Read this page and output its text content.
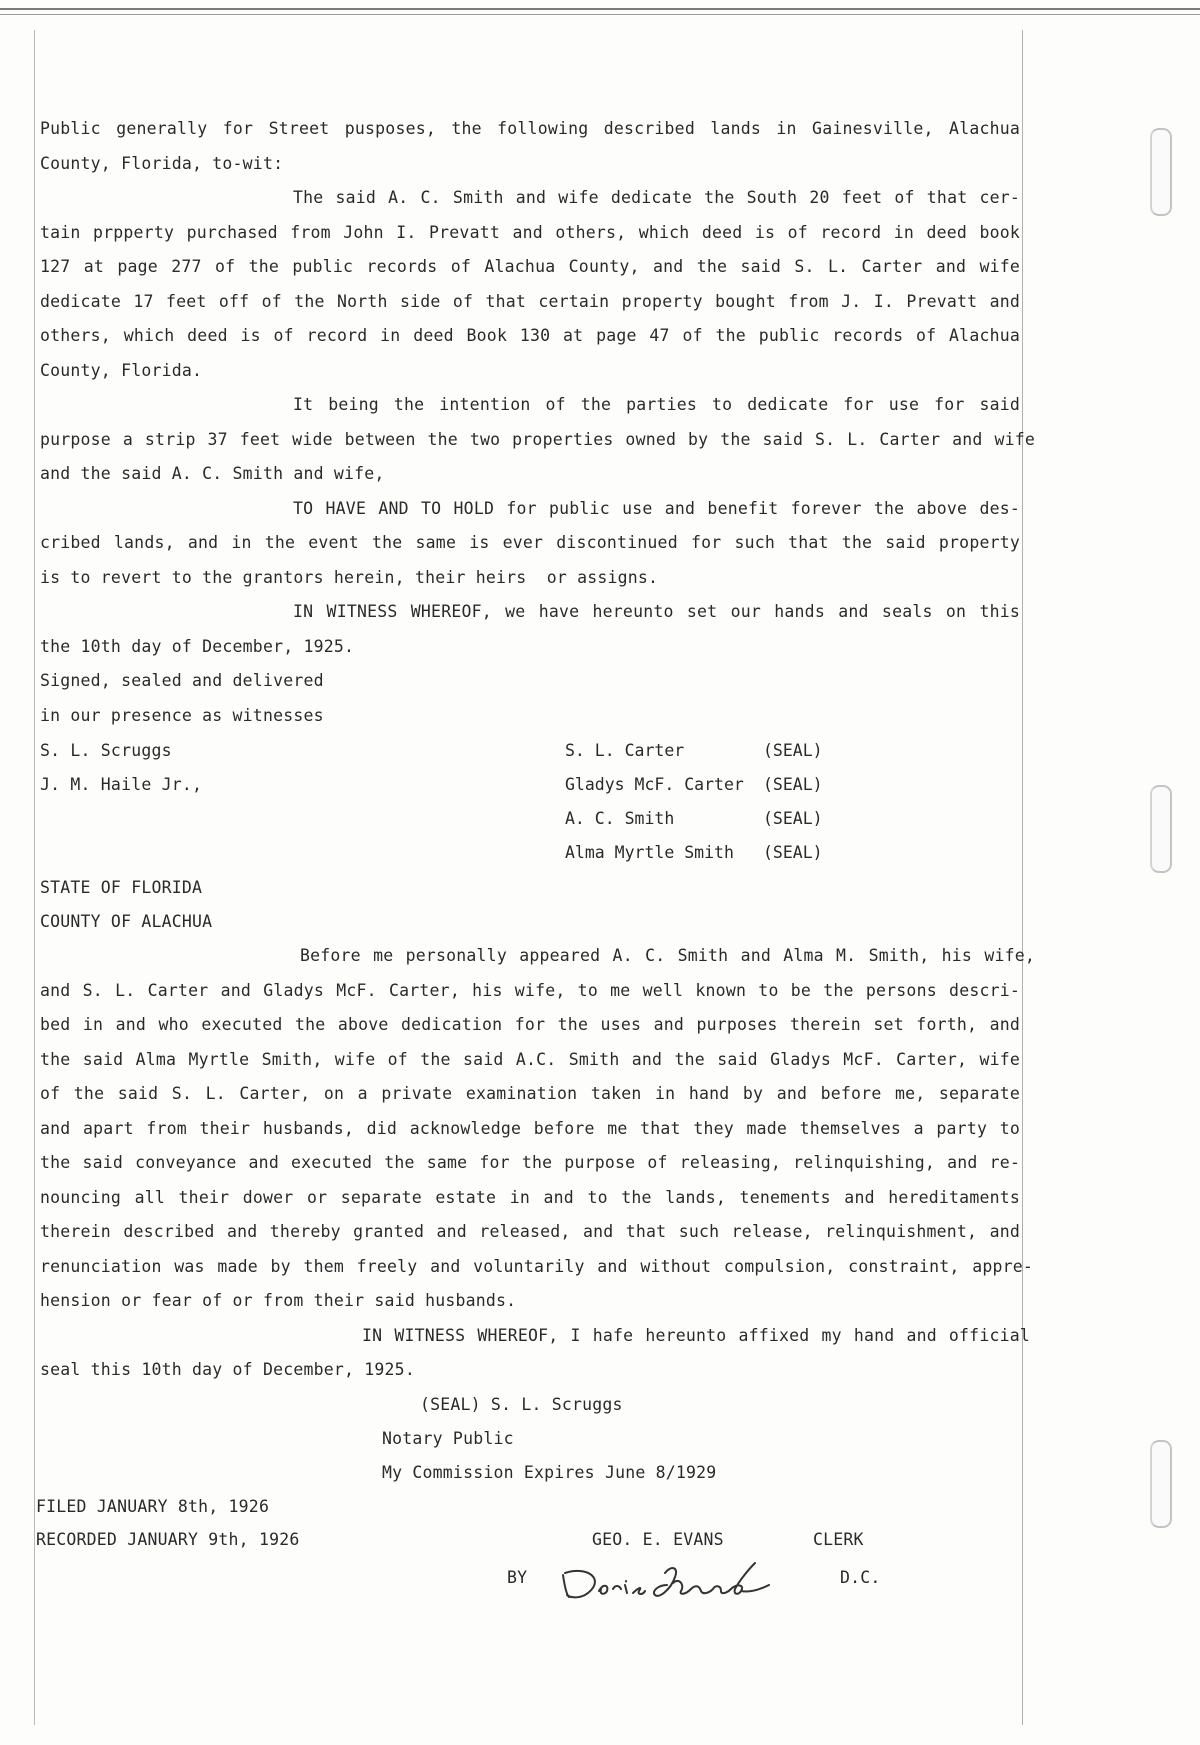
Public generally for Street pusposes, the following described lands in Gainesville, Alachua
County, Florida, to-wit:
The said A. C. Smith and wife dedicate the South 20 feet of that cer-
tain prpperty purchased from John I. Prevatt and others, which deed is of record in deed book
127 at page 277 of the public records of Alachua County, and the said S. L. Carter and wife
dedicate 17 feet off of the North side of that certain property bought from J. I. Prevatt and
others, which deed is of record in deed Book 130 at page 47 of the public records of Alachua
County, Florida.
It being the intention of the parties to dedicate for use for said
purpose a strip 37 feet wide between the two properties owned by the said S. L. Carter and wife
and the said A. C. Smith and wife,
TO HAVE AND TO HOLD for public use and benefit forever the above des-
cribed lands, and in the event the same is ever discontinued for such that the said property
is to revert to the grantors herein, their heirs  or assigns.
IN WITNESS WHEREOF, we have hereunto set our hands and seals on this
the 10th day of December, 1925.
Signed, sealed and delivered
in our presence as witnesses
S. L. Scruggs
J. M. Haile Jr.,
S. L. Carter	(SEAL)
Gladys McF. Carter (SEAL)
A. C. Smith	(SEAL)
Alma Myrtle Smith (SEAL)
STATE OF FLORIDA
COUNTY OF ALACHUA
Before me personally appeared A. C. Smith and Alma M. Smith, his wife,
and S. L. Carter and Gladys McF. Carter, his wife, to me well known to be the persons descri-
bed in and who executed the above dedication for the uses and purposes therein set forth, and
the said Alma Myrtle Smith, wife of the said A.C. Smith and the said Gladys McF. Carter, wife
of the said S. L. Carter, on a private examination taken in hand by and before me, separate
and apart from their husbands, did acknowledge before me that they made themselves a party to
the said conveyance and executed the same for the purpose of releasing, relinquishing, and re-
nouncing all their dower or separate estate in and to the lands, tenements and hereditaments
therein described and thereby granted and released, and that such release, relinquishment, and
renunciation was made by them freely and voluntarily and without compulsion, constraint, appre-
hension or fear of or from their said husbands.
IN WITNESS WHEREOF, I hafe hereunto affixed my hand and official
seal this 10th day of December, 1925.
(SEAL) S. L. Scruggs
Notary Public
My Commission Expires June 8/1929
FILED JANUARY 8th, 1926
RECORDED JANUARY 9th, 1926	GEO. E. EVANS	CLERK
BY	D.C.
